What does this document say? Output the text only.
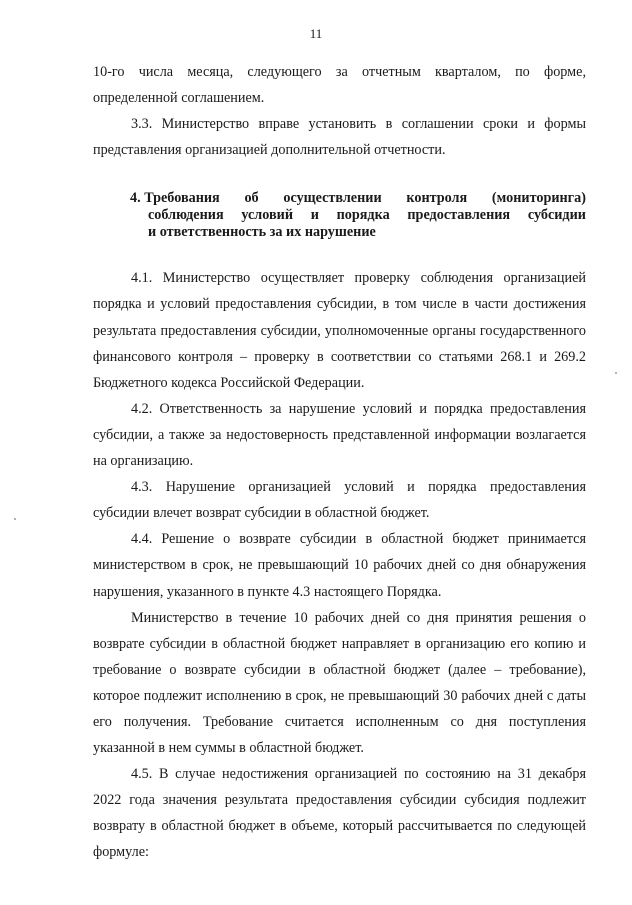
11

10-го числа месяца, следующего за отчетным кварталом, по форме, определенной соглашением.

3.3. Министерство вправе установить в соглашении сроки и формы представления организацией дополнительной отчетности.

4. Требования об осуществлении контроля (мониторинга)
соблюдения условий и порядка предоставления субсидии
и ответственность за их нарушение

4.1. Министерство осуществляет проверку соблюдения организацией порядка и условий предоставления субсидии, в том числе в части достижения результата предоставления субсидии, уполномоченные органы государственного финансового контроля – проверку в соответствии со статьями 268.1 и 269.2 Бюджетного кодекса Российской Федерации.

4.2. Ответственность за нарушение условий и порядка предоставления субсидии, а также за недостоверность представленной информации возлагается на организацию.

4.3. Нарушение организацией условий и порядка предоставления субсидии влечет возврат субсидии в областной бюджет.

4.4. Решение о возврате субсидии в областной бюджет принимается министерством в срок, не превышающий 10 рабочих дней со дня обнаружения нарушения, указанного в пункте 4.3 настоящего Порядка.

Министерство в течение 10 рабочих дней со дня принятия решения о возврате субсидии в областной бюджет направляет в организацию его копию и требование о возврате субсидии в областной бюджет (далее – требование), которое подлежит исполнению в срок, не превышающий 30 рабочих дней с даты его получения. Требование считается исполненным со дня поступления указанной в нем суммы в областной бюджет.

4.5. В случае недостижения организацией по состоянию на 31 декабря 2022 года значения результата предоставления субсидии субсидия подлежит возврату в областной бюджет в объеме, который рассчитывается по следующей формуле:
